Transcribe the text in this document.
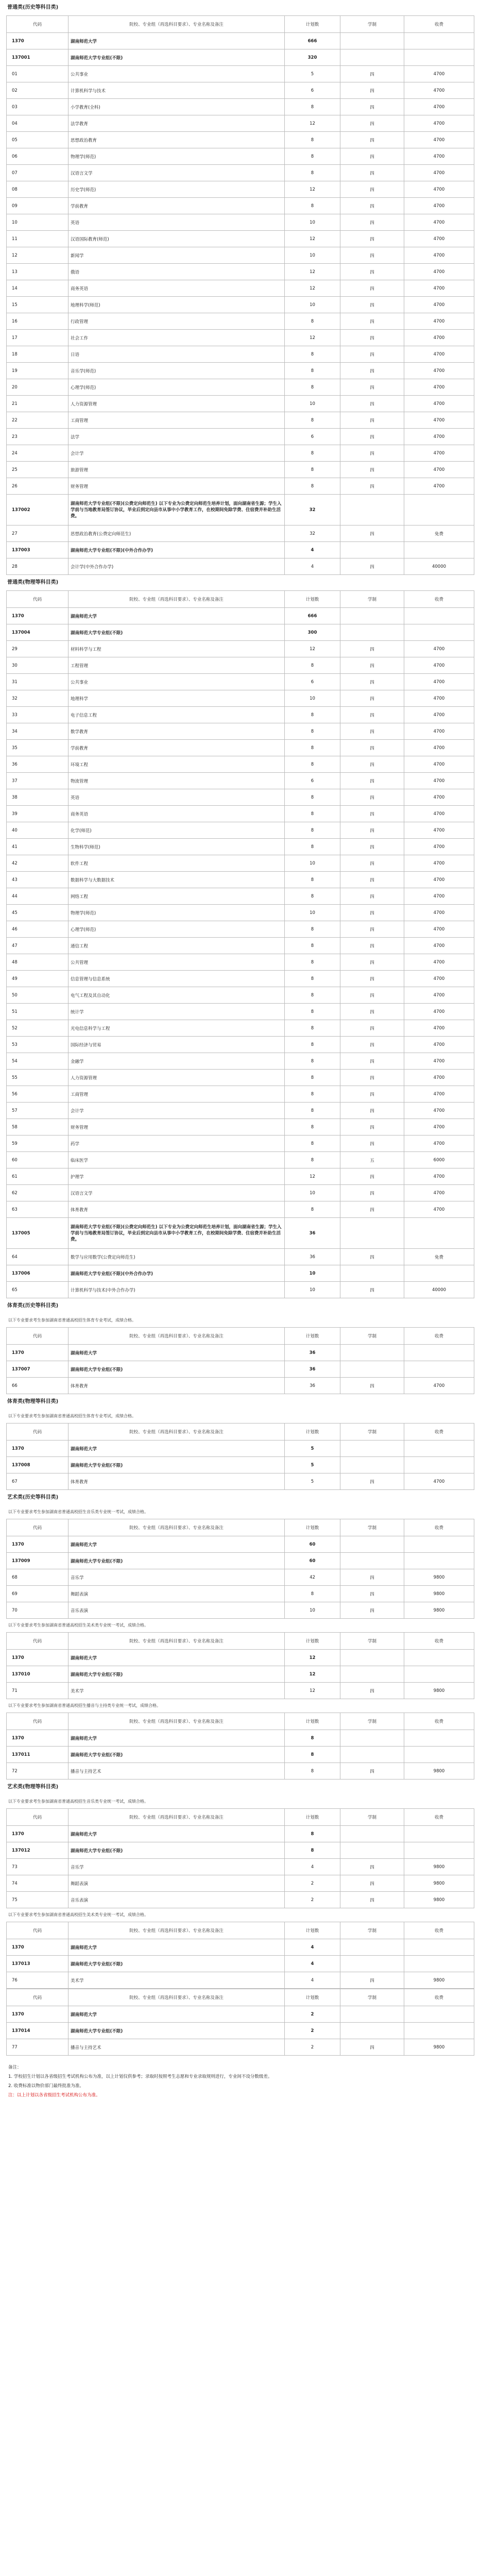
普通类(历史等科目类)
代码	院校、专业组（再选科目要求）、专业名称及备注	计划数	学制	收费
1370	湖南师范大学	666		
137001	湖南师范大学专业组(不限)	320		
01	公共事业	5	四	4700
02	计算机科学与技术	6	四	4700
03	小学教育(全科)	8	四	4700
04	法学教育	12	四	4700
05	思想政治教育	8	四	4700
06	物理学(师范)	8	四	4700
07	汉语言文学	8	四	4700
08	历史学(师范)	12	四	4700
09	学前教育	8	四	4700
10	英语	10	四	4700
11	汉语国际教育(师范)	12	四	4700
12	新闻学	10	四	4700
13	俄语	12	四	4700
14	商务英语	12	四	4700
15	地理科学(师范)	10	四	4700
16	行政管理	8	四	4700
17	社会工作	12	四	4700
18	日语	8	四	4700
19	音乐学(师范)	8	四	4700
20	心理学(师范)	8	四	4700
21	人力资源管理	10	四	4700
22	工商管理	8	四	4700
23	法学	6	四	4700
24	会计学	8	四	4700
25	旅游管理	8	四	4700
26	财务管理	8	四	4700
137002	湖南师范大学专业组(不限)(公费定向师范生) 以下专业为公费定向师范生培养计划，面向湖南省生源；学生入学前与当地教育局签订协议，毕业后到定向县市从事中小学教育工作，在校期间免除学费、住宿费并补助生活费。	32		
27	思想政治教育(公费定向师范生)	32	四	免费
137003	湖南师范大学专业组(不限)(中外合作办学)	4		
28	会计学(中外合作办学)	4	四	40000
普通类(物理等科目类)
代码	院校、专业组（再选科目要求）、专业名称及备注	计划数	学制	收费
1370	湖南师范大学	666		
137004	湖南师范大学专业组(不限)	300		
29	材料科学与工程	12	四	4700
30	工程管理	8	四	4700
31	公共事业	6	四	4700
32	地理科学	10	四	4700
33	电子信息工程	8	四	4700
34	数学教育	8	四	4700
35	学前教育	8	四	4700
36	环境工程	8	四	4700
37	物流管理	6	四	4700
38	英语	8	四	4700
39	商务英语	8	四	4700
40	化学(师范)	8	四	4700
41	生物科学(师范)	8	四	4700
42	软件工程	10	四	4700
43	数据科学与大数据技术	8	四	4700
44	网络工程	8	四	4700
45	物理学(师范)	10	四	4700
46	心理学(师范)	8	四	4700
47	通信工程	8	四	4700
48	公共管理	8	四	4700
49	信息管理与信息系统	8	四	4700
50	电气工程及其自动化	8	四	4700
51	统计学	8	四	4700
52	光电信息科学与工程	8	四	4700
53	国际经济与贸易	8	四	4700
54	金融学	8	四	4700
55	人力资源管理	8	四	4700
56	工商管理	8	四	4700
57	会计学	8	四	4700
58	财务管理	8	四	4700
59	药学	8	四	4700
60	临床医学	8	五	6000
61	护理学	12	四	4700
62	汉语言文学	10	四	4700
63	体育教育	8	四	4700
137005	湖南师范大学专业组(不限)(公费定向师范生) 以下专业为公费定向师范生培养计划，面向湖南省生源；学生入学前与当地教育局签订协议，毕业后到定向县市从事中小学教育工作，在校期间免除学费、住宿费并补助生活费。	36		
64	数学与应用数学(公费定向师范生)	36	四	免费
137006	湖南师范大学专业组(不限)(中外合作办学)	10		
65	计算机科学与技术(中外合作办学)	10	四	40000
体育类(历史等科目类)
以下专业要求考生参加湖南省普通高校招生体育专业考试，成绩合格。
代码	院校、专业组（再选科目要求）、专业名称及备注	计划数	学制	收费
1370	湖南师范大学	36		
137007	湖南师范大学专业组(不限)	36		
66	体育教育	36	四	4700
体育类(物理等科目类)
以下专业要求考生参加湖南省普通高校招生体育专业考试，成绩合格。
代码	院校、专业组（再选科目要求）、专业名称及备注	计划数	学制	收费
1370	湖南师范大学	5		
137008	湖南师范大学专业组(不限)	5		
67	体育教育	5	四	4700
艺术类(历史等科目类)
以下专业要求考生参加湖南省普通高校招生音乐类专业统一考试，成绩合格。
代码	院校、专业组（再选科目要求）、专业名称及备注	计划数	学制	收费
1370	湖南师范大学	60		
137009	湖南师范大学专业组(不限)	60		
68	音乐学	42	四	9800
69	舞蹈表演	8	四	9800
70	音乐表演	10	四	9800
以下专业要求考生参加湖南省普通高校招生美术类专业统一考试，成绩合格。
代码	院校、专业组（再选科目要求）、专业名称及备注	计划数	学制	收费
1370	湖南师范大学	12		
137010	湖南师范大学专业组(不限)	12		
71	美术学	12	四	9800
以下专业要求考生参加湖南省普通高校招生播音与主持类专业统一考试，成绩合格。
代码	院校、专业组（再选科目要求）、专业名称及备注	计划数	学制	收费
1370	湖南师范大学	8		
137011	湖南师范大学专业组(不限)	8		
72	播音与主持艺术	8	四	9800
艺术类(物理等科目类)
以下专业要求考生参加湖南省普通高校招生音乐类专业统一考试，成绩合格。
代码	院校、专业组（再选科目要求）、专业名称及备注	计划数	学制	收费
1370	湖南师范大学	8		
137012	湖南师范大学专业组(不限)	8		
73	音乐学	4	四	9800
74	舞蹈表演	2	四	9800
75	音乐表演	2	四	9800
以下专业要求考生参加湖南省普通高校招生美术类专业统一考试，成绩合格。
代码	院校、专业组（再选科目要求）、专业名称及备注	计划数	学制	收费
1370	湖南师范大学	4		
137013	湖南师范大学专业组(不限)	4		
76	美术学	4	四	9800
代码	院校、专业组（再选科目要求）、专业名称及备注	计划数	学制	收费
1370	湖南师范大学	2		
137014	湖南师范大学专业组(不限)	2		
77	播音与主持艺术	2	四	9800
备注：
1. 学校招生计划以各省级招生考试机构公布为准，以上计划仅供参考；录取时按照考生志愿和专业录取规则进行，专业间不设分数级差。
2. 收费标准以物价部门最终批准为准。
注：以上计划以各省级招生考试机构公布为准。
